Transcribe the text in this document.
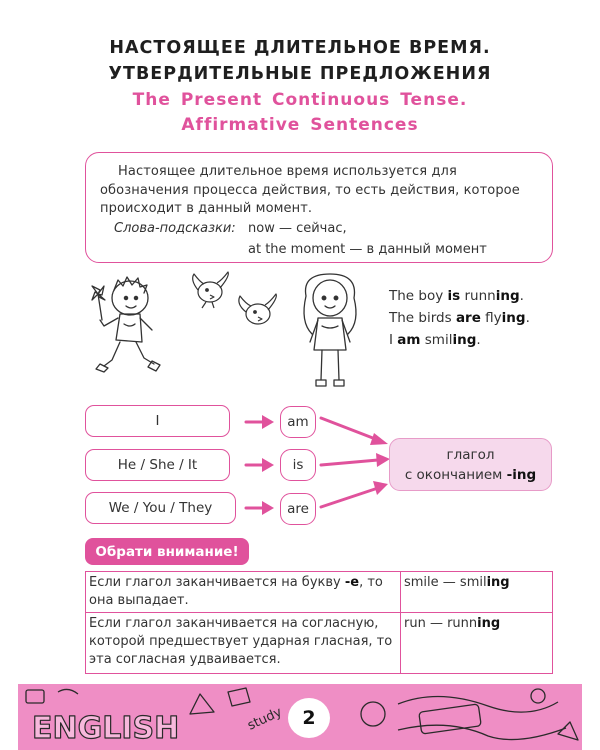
НАСТОЯЩЕЕ ДЛИТЕЛЬНОЕ ВРЕМЯ.
УТВЕРДИТЕЛЬНЫЕ ПРЕДЛОЖЕНИЯ
The Present Continuous Tense.
Affirmative Sentences
Настоящее длительное время используется для обозначения процесса действия, то есть действия, которое происходит в данный момент.
Слова-подсказки: now — сейчас,
at the moment — в данный момент
The boy is running.
The birds are flying.
I am smiling.
I
He / She / It
We / You / They
am
is
are
глагол
с окончанием -ing
Обрати внимание!
Если глагол заканчивается на букву -e, то она выпадает.	smile — smiling
Если глагол заканчивается на согласную, которой предшествует ударная гласная, то эта согласная удваивается.	run — running
ENGLISH	study 2
